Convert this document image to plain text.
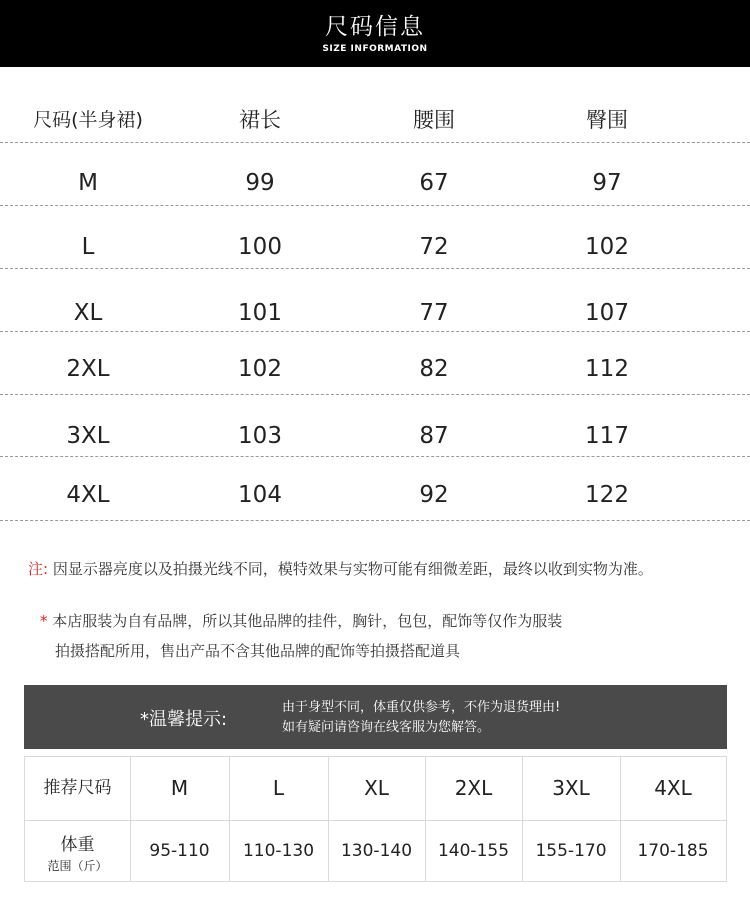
尺码信息
SIZE INFORMATION
尺码(半身裙)	裙长	腰围	臀围
M	99	67	97
L	100	72	102
XL	101	77	107
2XL	102	82	112
3XL	103	87	117
4XL	104	92	122
注: 因显示器亮度以及拍摄光线不同，模特效果与实物可能有细微差距，最终以收到实物为准。
* 本店服装为自有品牌，所以其他品牌的挂件，胸针，包包，配饰等仅作为服装
拍摄搭配所用，售出产品不含其他品牌的配饰等拍摄搭配道具
*温馨提示:
由于身型不同，体重仅供参考，不作为退货理由!
如有疑问请咨询在线客服为您解答。
推荐尺码	M	L	XL	2XL	3XL	4XL
体重
范围（斤）
95-110	110-130	130-140	140-155	155-170	170-185
